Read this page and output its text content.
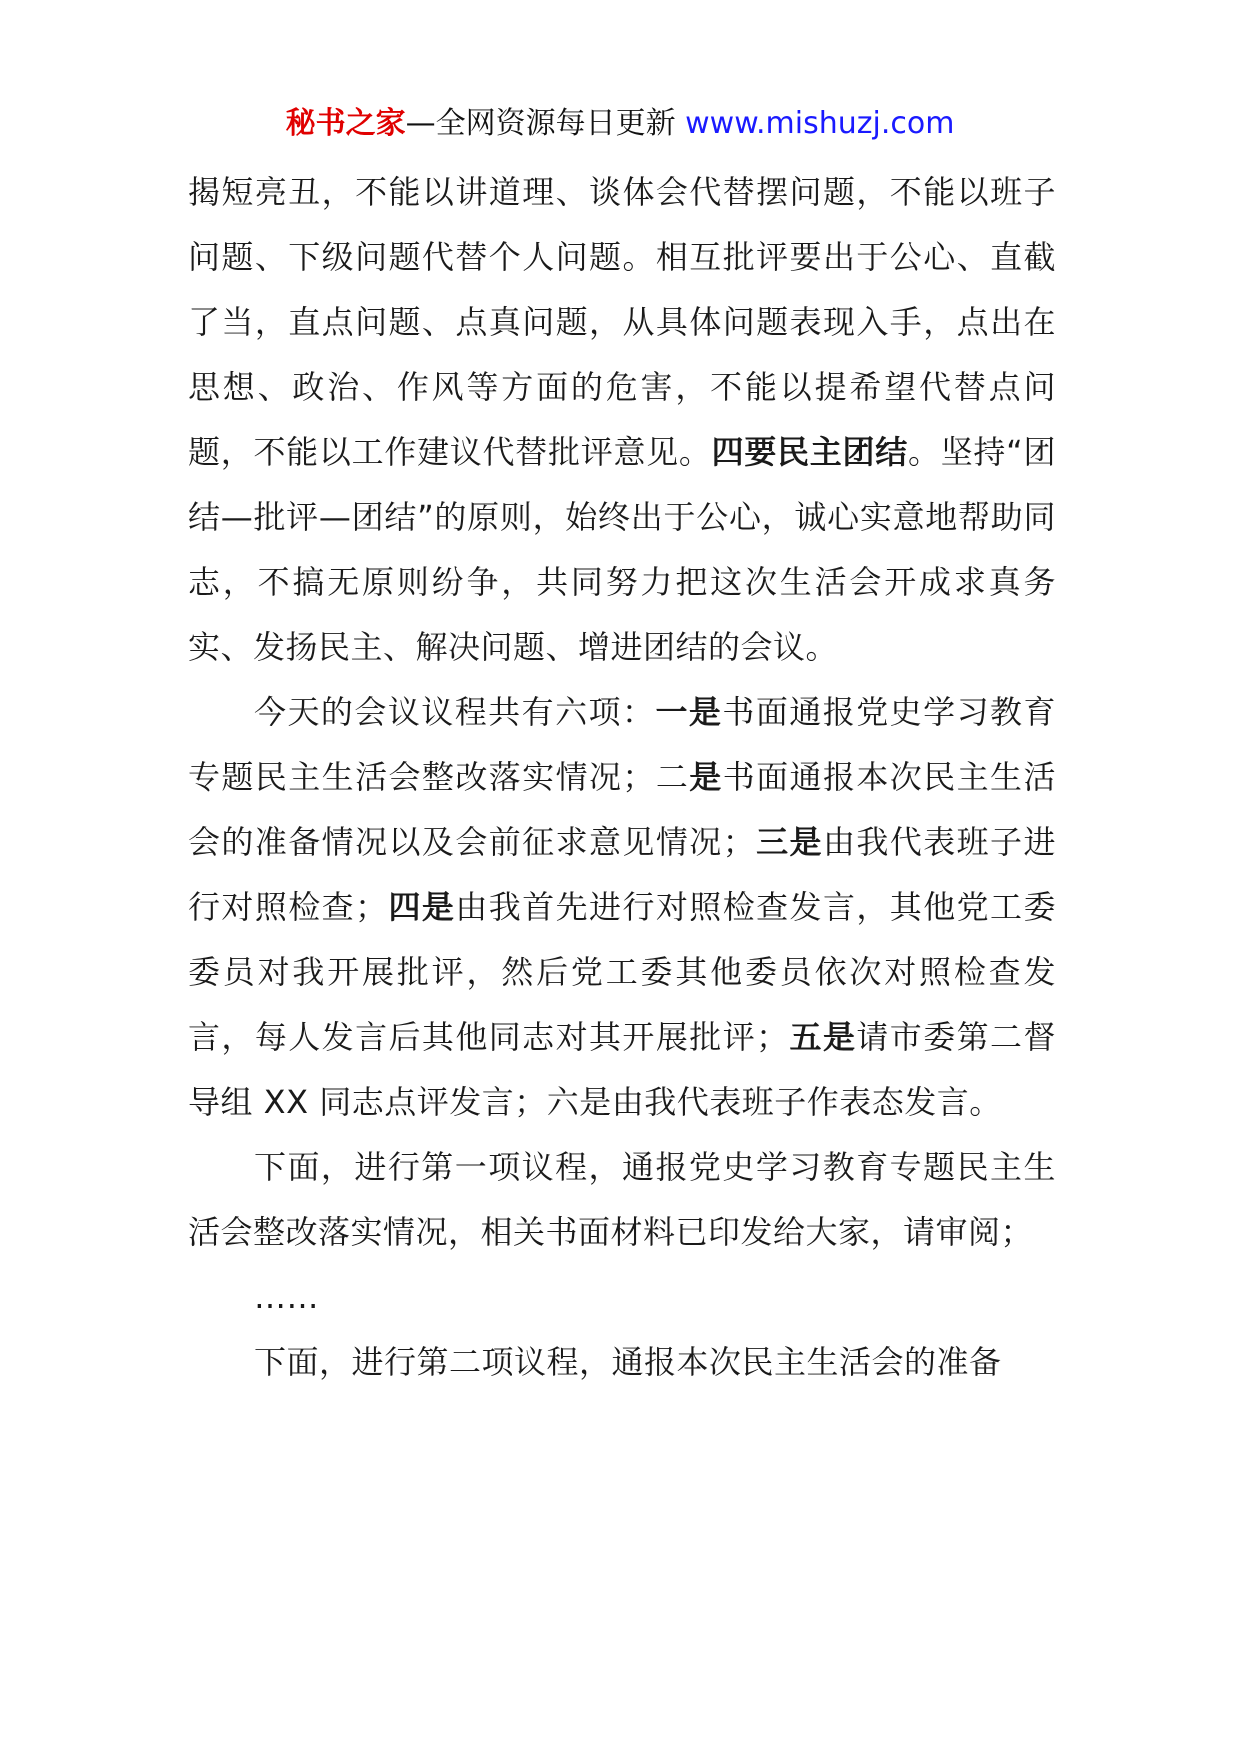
秘书之家—全网资源每日更新 www.mishuzj.com

揭短亮丑，不能以讲道理、谈体会代替摆问题，不能以班子问题、下级问题代替个人问题。相互批评要出于公心、直截了当，直点问题、点真问题，从具体问题表现入手，点出在思想、政治、作风等方面的危害，不能以提希望代替点问题，不能以工作建议代替批评意见。四要民主团结。坚持“团结—批评—团结”的原则，始终出于公心，诚心实意地帮助同志，不搞无原则纷争，共同努力把这次生活会开成求真务实、发扬民主、解决问题、增进团结的会议。

今天的会议议程共有六项：一是书面通报党史学习教育专题民主生活会整改落实情况；二是书面通报本次民主生活会的准备情况以及会前征求意见情况；三是由我代表班子进行对照检查；四是由我首先进行对照检查发言，其他党工委委员对我开展批评，然后党工委其他委员依次对照检查发言，每人发言后其他同志对其开展批评；五是请市委第二督导组 XX 同志点评发言；六是由我代表班子作表态发言。

下面，进行第一项议程，通报党史学习教育专题民主生活会整改落实情况，相关书面材料已印发给大家，请审阅；

……

下面，进行第二项议程，通报本次民主生活会的准备
